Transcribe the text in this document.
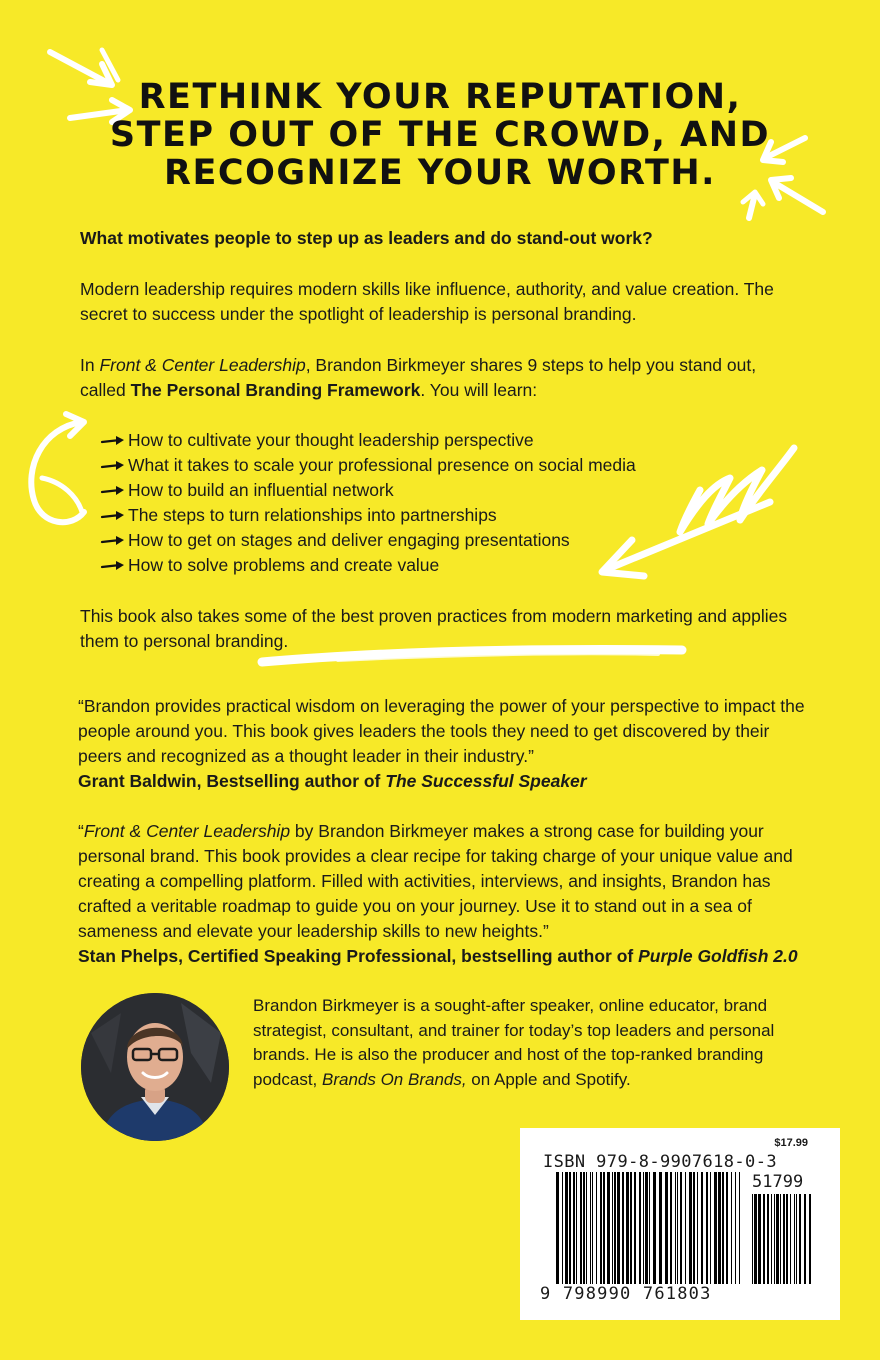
RETHINK YOUR REPUTATION,
STEP OUT OF THE CROWD, AND
RECOGNIZE YOUR WORTH.

What motivates people to step up as leaders and do stand-out work?

Modern leadership requires modern skills like influence, authority, and value creation. The secret to success under the spotlight of leadership is personal branding.

In Front & Center Leadership, Brandon Birkmeyer shares 9 steps to help you stand out, called The Personal Branding Framework. You will learn:

How to cultivate your thought leadership perspective
What it takes to scale your professional presence on social media
How to build an influential network
The steps to turn relationships into partnerships
How to get on stages and deliver engaging presentations
How to solve problems and create value

This book also takes some of the best proven practices from modern marketing and applies them to personal branding.

“Brandon provides practical wisdom on leveraging the power of your perspective to impact the people around you. This book gives leaders the tools they need to get discovered by their peers and recognized as a thought leader in their industry.”

Grant Baldwin, Bestselling author of The Successful Speaker

“Front & Center Leadership by Brandon Birkmeyer makes a strong case for building your personal brand. This book provides a clear recipe for taking charge of your unique value and creating a compelling platform. Filled with activities, interviews, and insights, Brandon has crafted a veritable roadmap to guide you on your journey. Use it to stand out in a sea of sameness and elevate your leadership skills to new heights.”

Stan Phelps, Certified Speaking Professional, bestselling author of Purple Goldfish 2.0

Brandon Birkmeyer is a sought-after speaker, online educator, brand strategist, consultant, and trainer for today’s top leaders and personal brands. He is also the producer and host of the top-ranked branding podcast, Brands On Brands, on Apple and Spotify.
$17.99
ISBN 979-8-9907618-0-3
51799
9 798990 761803
